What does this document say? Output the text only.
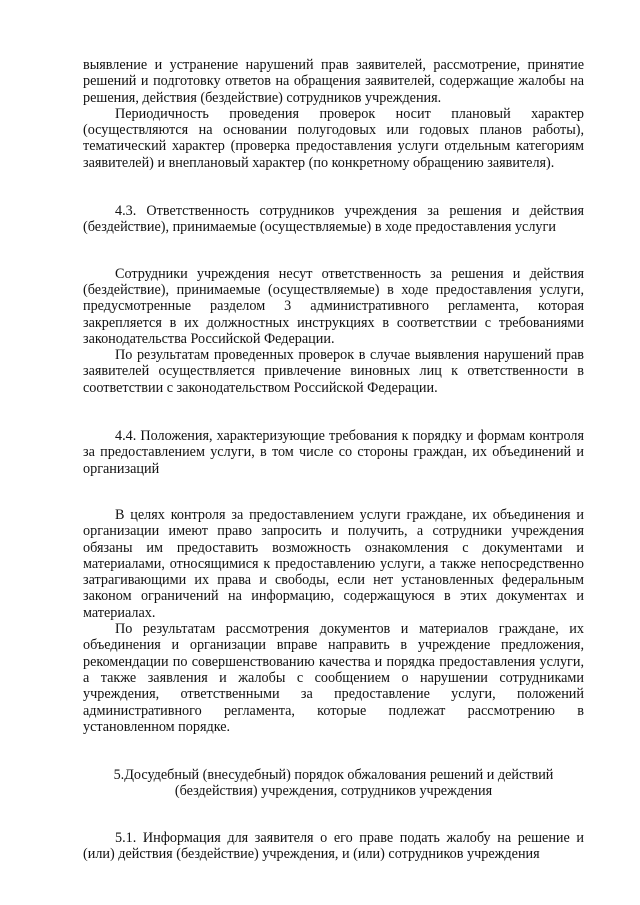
выявление и устранение нарушений прав заявителей, рассмотрение, принятие решений и подготовку ответов на обращения заявителей, содержащие жалобы на решения, действия (бездействие) сотрудников учреждения.

Периодичность проведения проверок носит плановый характер (осуществляются на основании полугодовых или годовых планов работы), тематический характер (проверка предоставления услуги отдельным категориям заявителей) и внеплановый характер (по конкретному обращению заявителя).

4.3. Ответственность сотрудников учреждения за решения и действия (бездействие), принимаемые (осуществляемые) в ходе предоставления услуги

Сотрудники учреждения несут ответственность за решения и действия (бездействие), принимаемые (осуществляемые) в ходе предоставления услуги, предусмотренные разделом 3 административного регламента, которая закрепляется в их должностных инструкциях в соответствии с требованиями законодательства Российской Федерации.

По результатам проведенных проверок в случае выявления нарушений прав заявителей осуществляется привлечение виновных лиц к ответственности в соответствии с законодательством Российской Федерации.

4.4. Положения, характеризующие требования к порядку и формам контроля за предоставлением услуги, в том числе со стороны граждан, их объединений и организаций

В целях контроля за предоставлением услуги граждане, их объединения и организации имеют право запросить и получить, а сотрудники учреждения обязаны им предоставить возможность ознакомления с документами и материалами, относящимися к предоставлению услуги, а также непосредственно затрагивающими их права и свободы, если нет установленных федеральным законом ограничений на информацию, содержащуюся в этих документах и материалах.

По результатам рассмотрения документов и материалов граждане, их объединения и организации вправе направить в учреждение предложения, рекомендации по совершенствованию качества и порядка предоставления услуги, а также заявления и жалобы с сообщением о нарушении сотрудниками учреждения, ответственными за предоставление услуги, положений административного регламента, которые подлежат рассмотрению в установленном порядке.

5.Досудебный (внесудебный) порядок обжалования решений и действий (бездействия) учреждения, сотрудников учреждения

5.1. Информация для заявителя о его праве подать жалобу на решение и (или) действия (бездействие) учреждения, и (или) сотрудников учреждения
